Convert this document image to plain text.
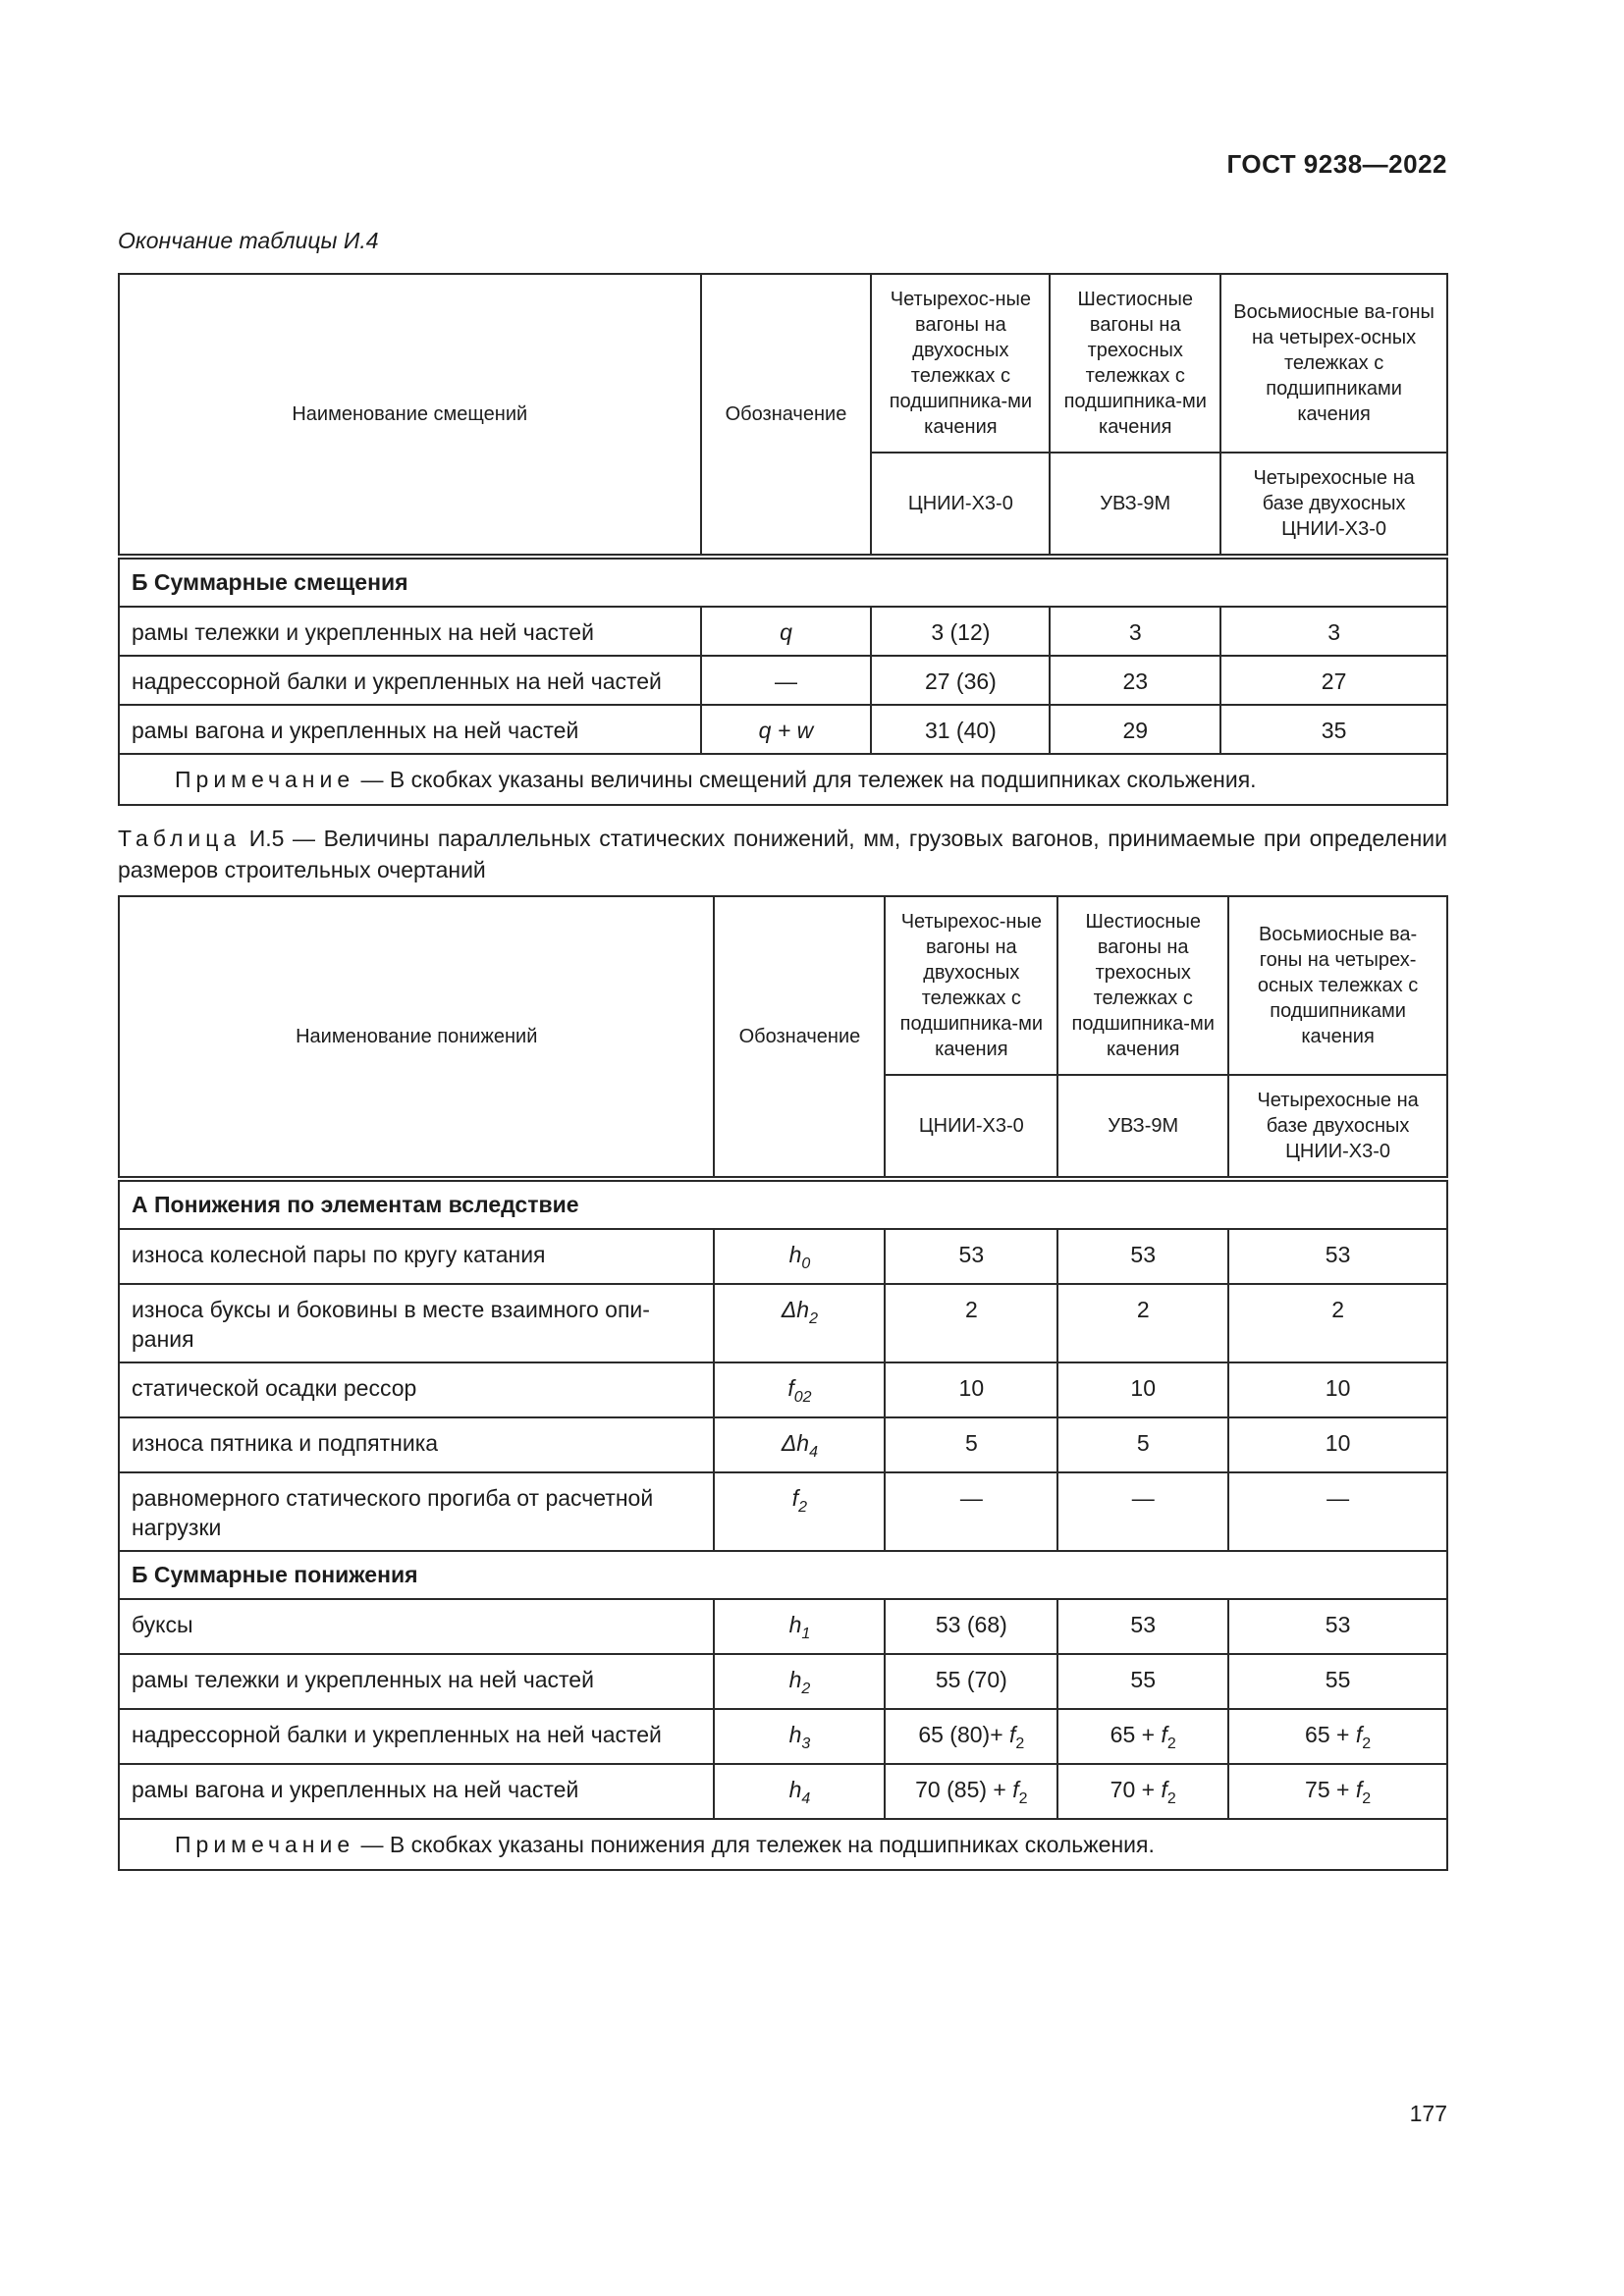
ГОСТ 9238—2022
Окончание таблицы И.4
Наименование смещений	Обозначение	Четырехос-ные вагоны на двухосных тележках с подшипника-ми качения	Шестиосные вагоны на трехосных тележках с подшипника-ми качения	Восьмиосные ва-гоны на четырех-осных тележках с подшипниками качения
		ЦНИИ-Х3-0	УВЗ-9М	Четырехосные на базе двухосных ЦНИИ-Х3-0
Б Суммарные смещения				
рамы тележки и укрепленных на ней частей	q	3 (12)	3	3
надрессорной балки и укрепленных на ней частей	—	27 (36)	23	27
рамы вагона и укрепленных на ней частей	q + w	31 (40)	29	35
Примечание — В скобках указаны величины смещений для тележек на подшипниках скольжения.				
Таблица И.5 — Величины параллельных статических понижений, мм, грузовых вагонов, принимаемые при определении размеров строительных очертаний
Наименование понижений	Обозначение	Четырехос-ные вагоны на двухосных тележках с подшипника-ми качения	Шестиосные вагоны на трехосных тележках с подшипника-ми качения	Восьмиосные ва-гоны на четырех-осных тележках с подшипниками качения
		ЦНИИ-Х3-0	УВЗ-9М	Четырехосные на базе двухосных ЦНИИ-Х3-0
А Понижения по элементам вследствие				
износа колесной пары по кругу катания	$h_0$	53	53	53
износа буксы и боковины в месте взаимного опи-рания	$\Delta h_2$	2	2	2
статической осадки рессор	$f_{02}$	10	10	10
износа пятника и подпятника	$\Delta h_4$	5	5	10
равномерного статического прогиба от расчетной нагрузки	$f_2$	—	—	—
Б Суммарные понижения				
буксы	$h_1$	53 (68)	53	53
рамы тележки и укрепленных на ней частей	$h_2$	55 (70)	55	55
надрессорной балки и укрепленных на ней частей	$h_3$	65 $(80)+ f_2$	$65 + f_2$	$65 + f_2$
рамы вагона и укрепленных на ней частей	$h_4$	70 $(85) + f_2$	$70 + f_2$	$75 + f_2$
Примечание — В скобках указаны понижения для тележек на подшипниках скольжения.				
177
